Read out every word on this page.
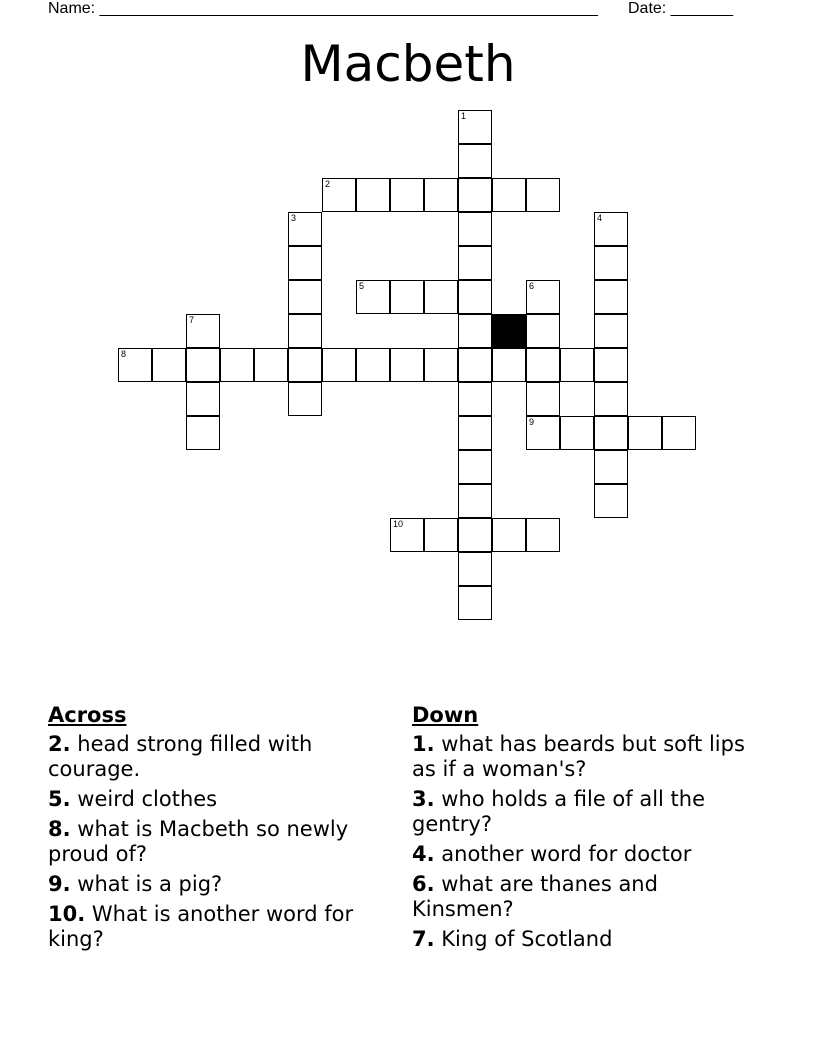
Name: ________________________________________________________ Date: _______
Macbeth
1
2
3	4
5	6
9
7
8
10
Across
2. head strong filled with courage.
5. weird clothes
8. what is Macbeth so newly proud of?
9. what is a pig?
10. What is another word for king?
Down
1. what has beards but soft lips as if a woman's?
3. who holds a file of all the gentry?
4. another word for doctor
6. what are thanes and Kinsmen?
7. King of Scotland
